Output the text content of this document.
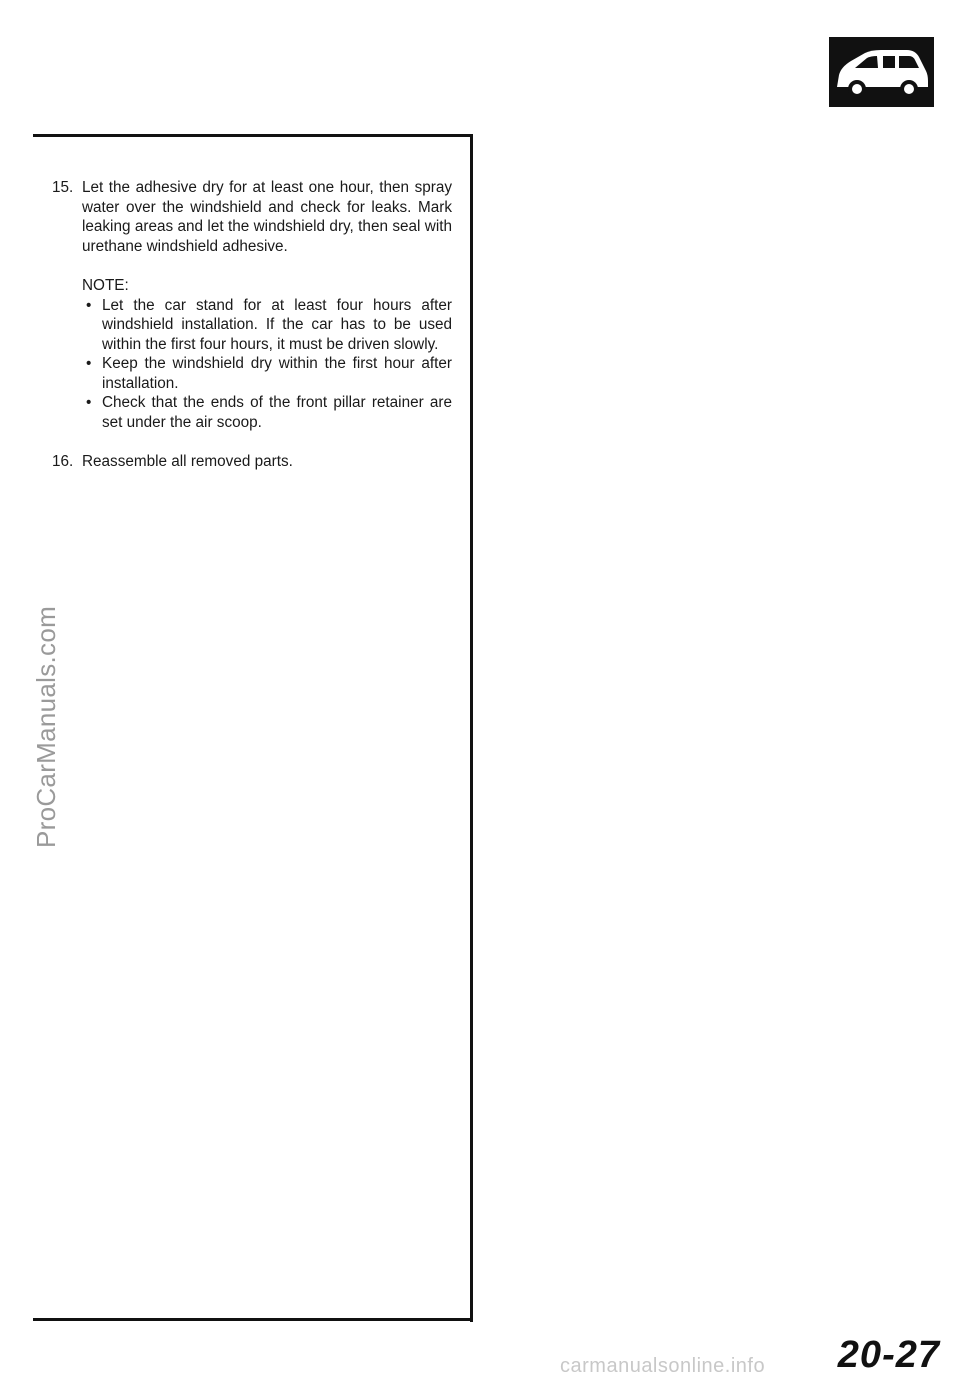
15. Let the adhesive dry for at least one hour, then spray water over the windshield and check for leaks. Mark leaking areas and let the windshield dry, then seal with urethane windshield adhesive.
NOTE:
• Let the car stand for at least four hours after windshield installation. If the car has to be used within the first four hours, it must be driven slowly.
• Keep the windshield dry within the first hour after installation.
• Check that the ends of the front pillar retainer are set under the air scoop.
16. Reassemble all removed parts.
ProCarManuals.com
carmanualsonline.info 20-27
